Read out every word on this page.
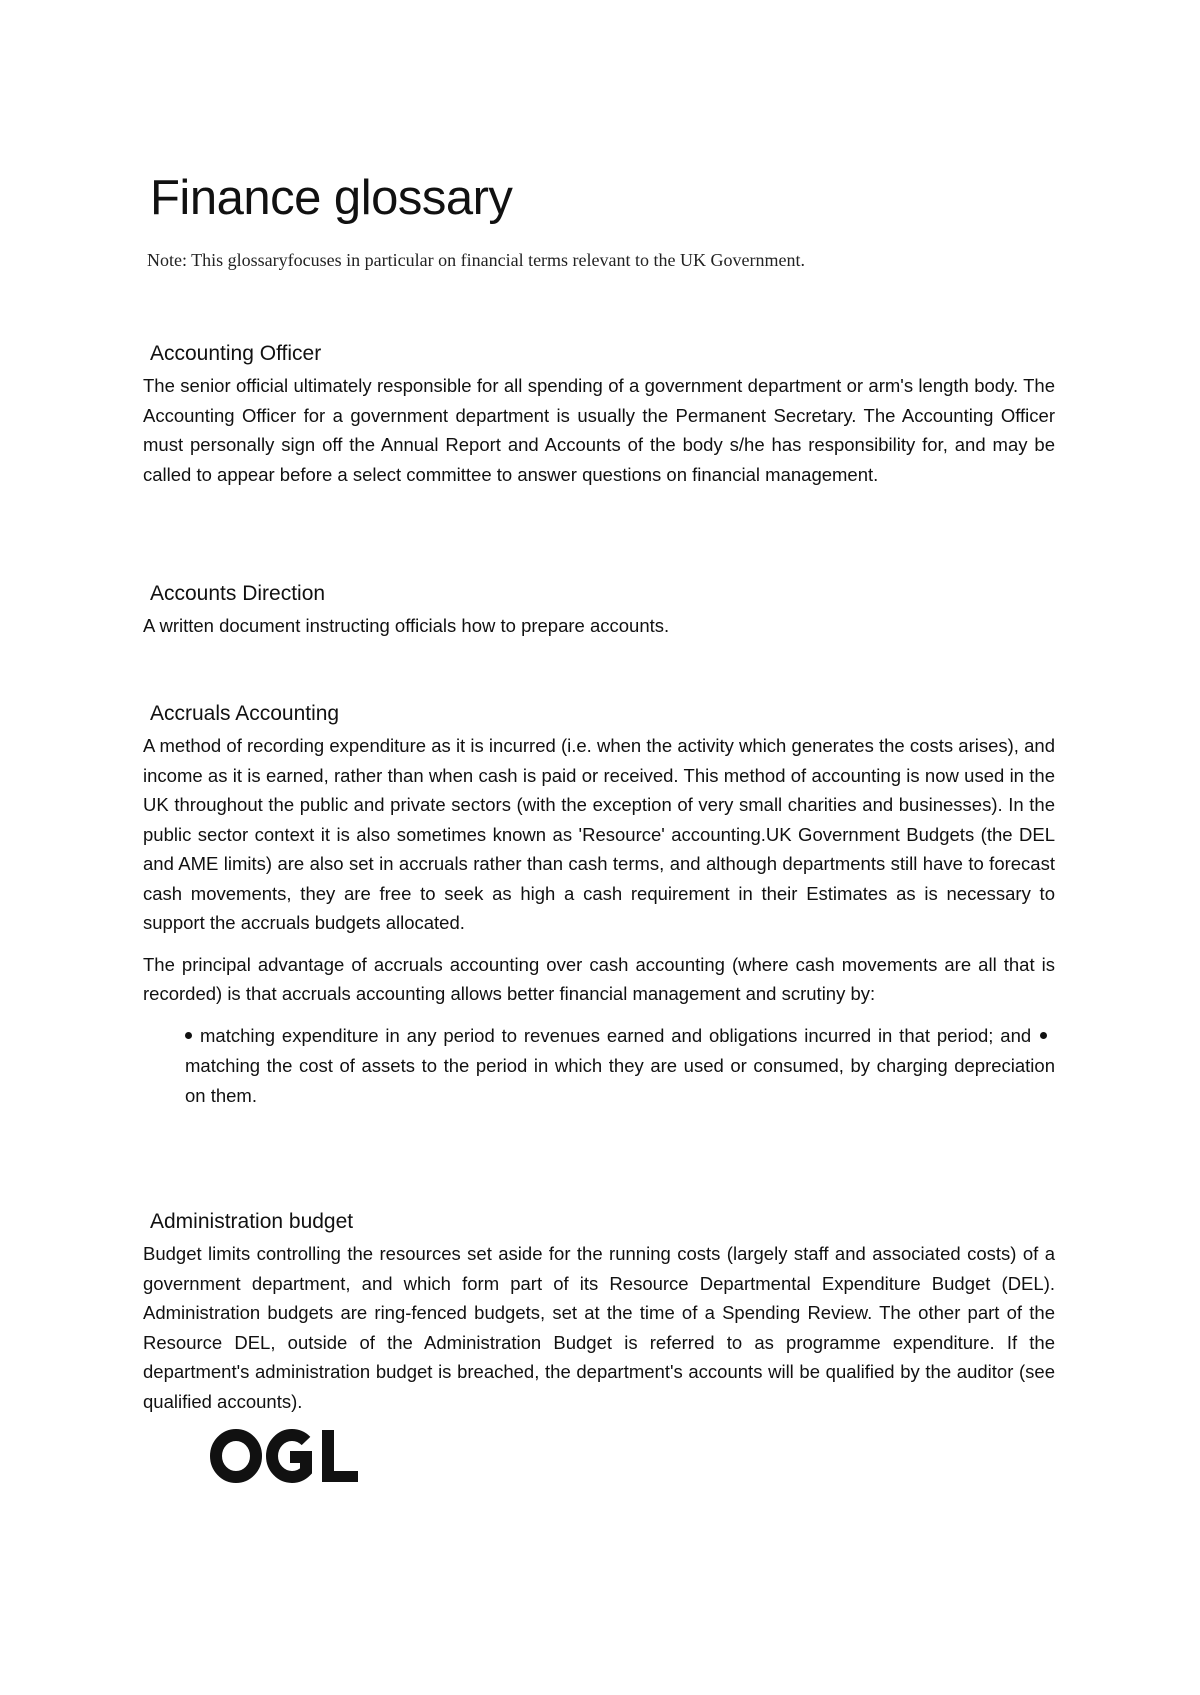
Finance glossary

Note: This glossaryfocuses in particular on financial terms relevant to the UK Government.

Accounting Officer

The senior official ultimately responsible for all spending of a government department or arm's length body. The Accounting Officer for a government department is usually the Permanent Secretary. The Accounting Officer must personally sign off the Annual Report and Accounts of the body s/he has responsibility for, and may be called to appear before a select committee to answer questions on financial management.

Accounts Direction

A written document instructing officials how to prepare accounts.

Accruals Accounting

A method of recording expenditure as it is incurred (i.e. when the activity which generates the costs arises), and income as it is earned, rather than when cash is paid or received. This method of accounting is now used in the UK throughout the public and private sectors (with the exception of very small charities and businesses). In the public sector context it is also sometimes known as 'Resource' accounting.UK Government Budgets (the DEL and AME limits) are also set in accruals rather than cash terms, and although departments still have to forecast cash movements, they are free to seek as high a cash requirement in their Estimates as is necessary to support the accruals budgets allocated.

The principal advantage of accruals accounting over cash accounting (where cash movements are all that is recorded) is that accruals accounting allows better financial management and scrutiny by:

matching expenditure in any period to revenues earned and obligations incurred in that period; and matching the cost of assets to the period in which they are used or consumed, by charging depreciation on them.
Administration budget

Budget limits controlling the resources set aside for the running costs (largely staff and associated costs) of a government department, and which form part of its Resource Departmental Expenditure Budget (DEL). Administration budgets are ring-fenced budgets, set at the time of a Spending Review. The other part of the Resource DEL, outside of the Administration Budget is referred to as programme expenditure. If the department's administration budget is breached, the department's accounts will be qualified by the auditor (see qualified accounts).
